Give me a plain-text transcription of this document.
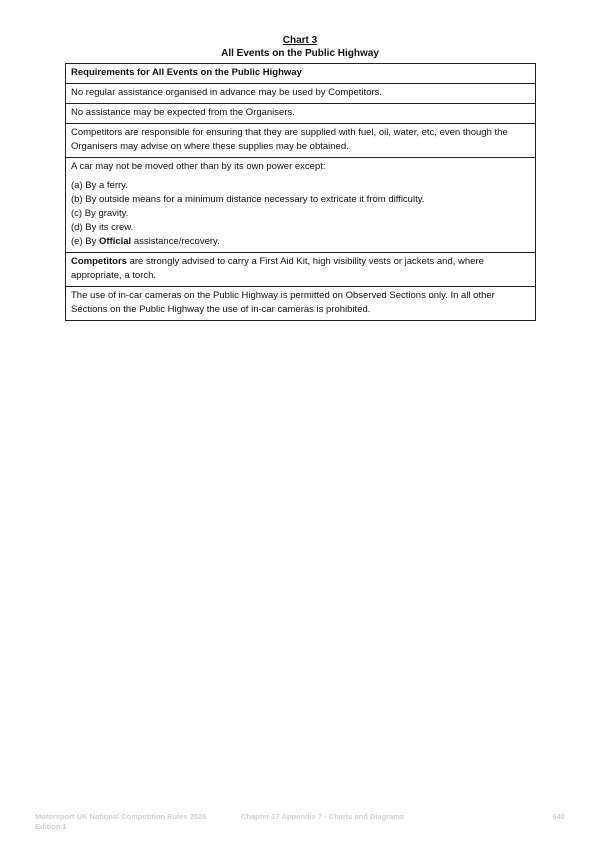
Chart 3
All Events on the Public Highway
Requirements for All Events on the Public Highway
No regular assistance organised in advance may be used by Competitors.
No assistance may be expected from the Organisers.
Competitors are responsible for ensuring that they are supplied with fuel, oil, water, etc, even though the Organisers may advise on where these supplies may be obtained.

A car may not be moved other than by its own power except:
(a) By a ferry.
(b) By outside means for a minimum distance necessary to extricate it from difficulty.
(c) By gravity.
(d) By its crew.
(e) By Official assistance/recovery.

Competitors are strongly advised to carry a First Aid Kit, high visibility vests or jackets and, where appropriate, a torch.
The use of in-car cameras on the Public Highway is permitted on Observed Sections only. In all other Sections on the Public Highway the use of in-car cameras is prohibited.
Motorsport UK National Competition Rules 2026
Edition 1
Chapter 17 Appendix 7 - Charts and Diagrams	640
